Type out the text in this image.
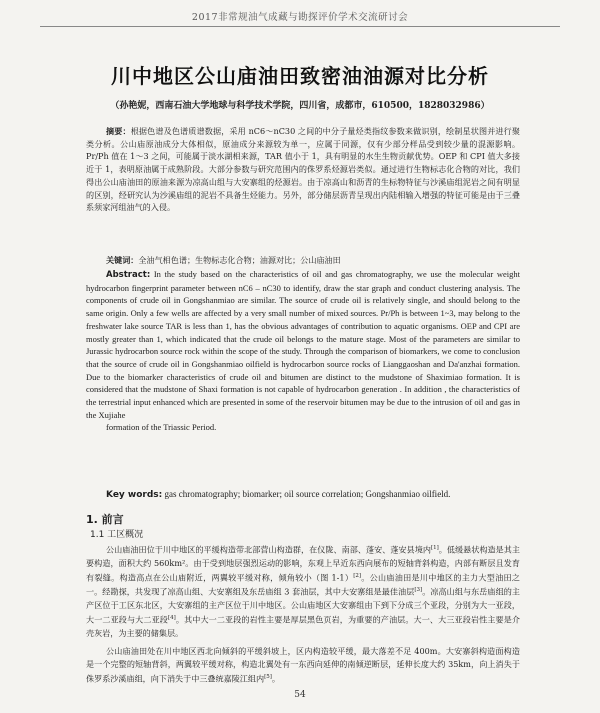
2017非常规油气成藏与勘探评价学术交流研讨会
川中地区公山庙油田致密油油源对比分析
（孙艳妮，西南石油大学地球与科学技术学院，四川省，成都市，610500，1828032986）
摘要：根据色谱及色谱质谱数据，采用 nC6～nC30 之间的中分子量烃类指纹参数来做识别，绘制星状图并进行聚类分析。公山庙原油成分大体相似，原油成分来源较为单一，应属于同源，仅有少部分样品受到较少量的混源影响。Pr/Ph 值在 1～3 之间，可能属于淡水湖相来源，TAR 值小于 1，具有明显的水生生物贡献优势。OEP 和 CPI 值大多接近于 1，表明原油属于成熟阶段。大部分参数与研究范围内的侏罗系烃源岩类似。通过进行生物标志化合物的对比，我们得出公山庙油田的原油来源为凉高山组与大安寨组的烃源岩。由于凉高山和沥青的生标物特征与沙溪庙组泥岩之间有明显的区别，经研究认为沙溪庙组的泥岩不具备生烃能力。另外，部分储层沥青呈现出内陆相输入增强的特征可能是由于三叠系须家河组油气的入侵。
关键词：全油气相色谱；生物标志化合物；油源对比；公山庙油田
Abstract: In the study based on the characteristics of oil and gas chromatography, we use the molecular weight hydrocarbon fingerprint parameter between nC6 – nC30 to identify, draw the star graph and conduct clustering analysis. The components of crude oil in Gongshanmiao are similar. The source of crude oil is relatively single, and should belong to the same origin. Only a few wells are affected by a very small number of mixed sources. Pr/Ph is between 1~3, may belong to the freshwater lake source TAR is less than 1, has the obvious advantages of contribution to aquatic organisms. OEP and CPI are mostly greater than 1, which indicated that the crude oil belongs to the mature stage. Most of the parameters are similar to Jurassic hydrocarbon source rock within the scope of the study. Through the comparison of biomarkers, we come to conclusion that the source of crude oil in Gongshanmiao oilfield is hydrocarbon source rocks of Lianggaoshan and Da'anzhai formation. Due to the biomarker characteristics of crude oil and bitumen are distinct to the mudstone of Shaximiao formation. It is considered that the mudstone of Shaxi formation is not capable of hydrocarbon generation . In addition , the characteristics of the terrestrial input enhanced which are presented in some of the reservoir bitumen may be due to the intrusion of oil and gas in the Xujiahe
formation of the Triassic Period.
Key words: gas chromatography; biomarker; oil source correlation; Gongshanmiao oilfield.
1. 前言
1.1 工区概况
公山庙油田位于川中地区的平缓构造带北部营山构造群，在仪陇、南部、蓬安、蓬安县境内[1]。低缓悬状构造是其主要构造，面积大约 560km²。由于受到地层强烈运动的影响，东观上早近东西向展布的短轴背斜构造，内部有断层且发育有裂缝。构造高点在公山庙附近，两翼较平缓对称，倾角较小（图 1-1）[2]。公山庙油田是川中地区的主力大型油田之一。经勘探，共发现了凉高山组、大安寨组及东岳庙组 3 套油层，其中大安寨组是最佳油层[3]。凉高山组与东岳庙组的主产区位于工区东北区，大安寨组的主产区位于川中地区。公山庙地区大安寨组由下到下分成三个亚段，分别为大一亚段，大一二亚段与大二亚段[4]。其中大一二亚段的岩性主要是厚层黑色页岩，为重要的产油层。大一、大三亚段岩性主要是介壳灰岩，为主要的储集层。
公山庙油田处在川中地区西北向倾斜的平缓斜坡上，区内构造较平缓，最大落差不足 400m。大安寨斜构造面构造是一个完整的短轴背斜，两翼较平缓对称，构造北翼处有一东西向延伸的南倾逆断层，延伸长度大约 35km，向上消失于侏罗系沙溪庙组，向下消失于中三叠统嘉陵江组内[5]。
54
